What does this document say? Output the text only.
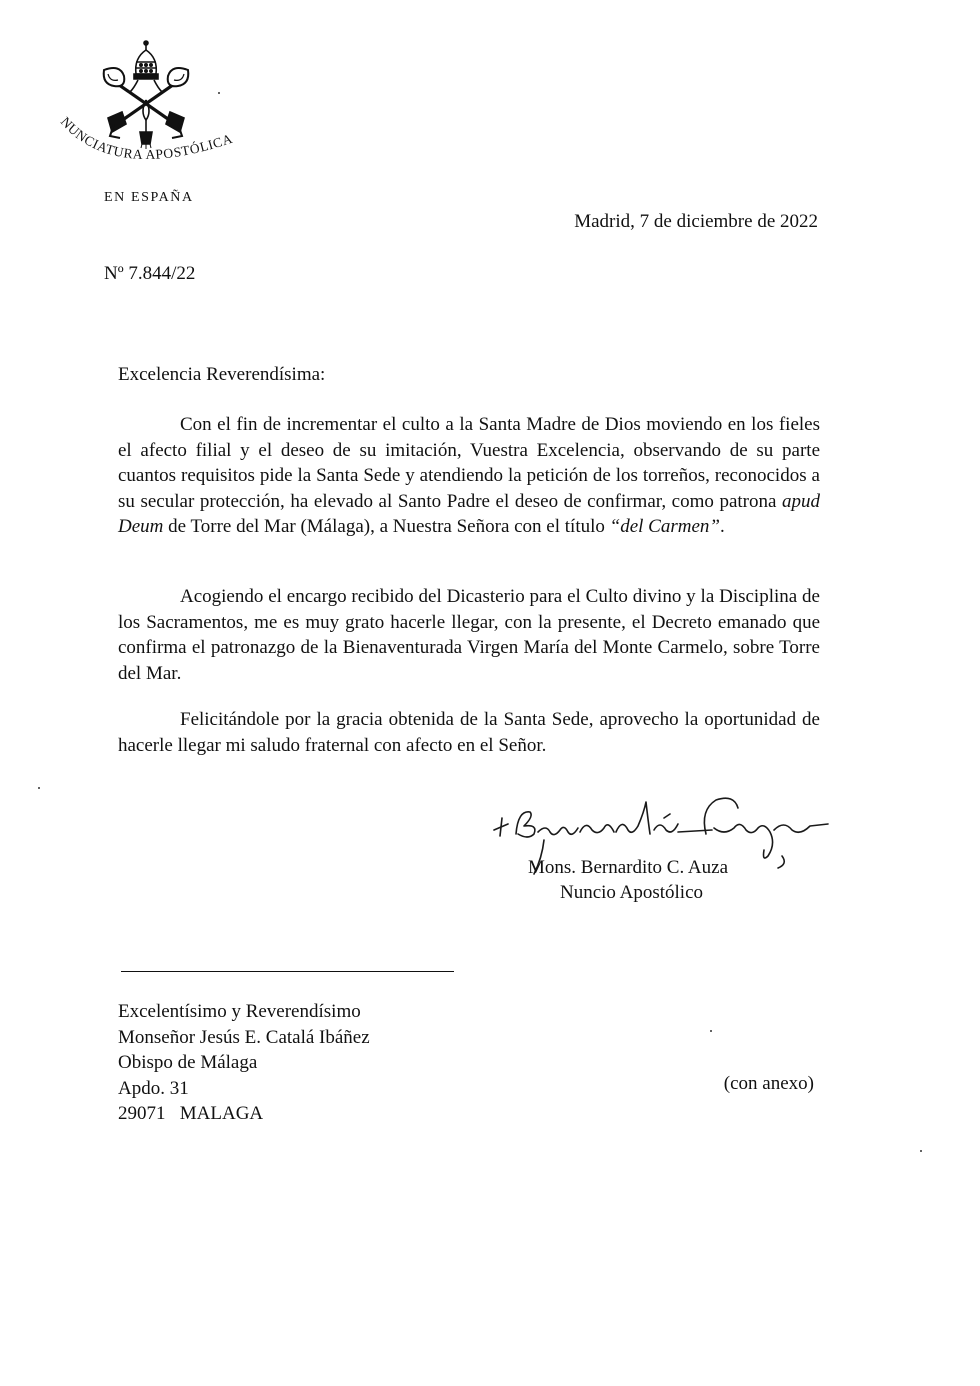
NUNCIATURA APOSTÓLICA
EN ESPAÑA
Madrid, 7 de diciembre de 2022
Nº 7.844/22
Excelencia Reverendísima:

Con el fin de incrementar el culto a la Santa Madre de Dios moviendo en los fieles el afecto filial y el deseo de su imitación, Vuestra Excelencia, observando de su parte cuantos requisitos pide la Santa Sede y atendiendo la petición de los torreños, reconocidos a su secular protección, ha elevado al Santo Padre el deseo de confirmar, como patrona apud Deum de Torre del Mar (Málaga), a Nuestra Señora con el título “del Carmen”.

Acogiendo el encargo recibido del Dicasterio para el Culto divino y la Disciplina de los Sacramentos, me es muy grato hacerle llegar, con la presente, el Decreto emanado que confirma el patronazgo de la Bienaventurada Virgen María del Monte Carmelo, sobre Torre del Mar.

Felicitándole por la gracia obtenida de la Santa Sede, aprovecho la oportunidad de hacerle llegar mi saludo fraternal con afecto en el Señor.

Mons. Bernardito C. Auza
Nuncio Apostólico
Excelentísimo y Reverendísimo
Monseñor Jesús E. Catalá Ibáñez
Obispo de Málaga
Apdo. 31
29071   MALAGA
(con anexo)
